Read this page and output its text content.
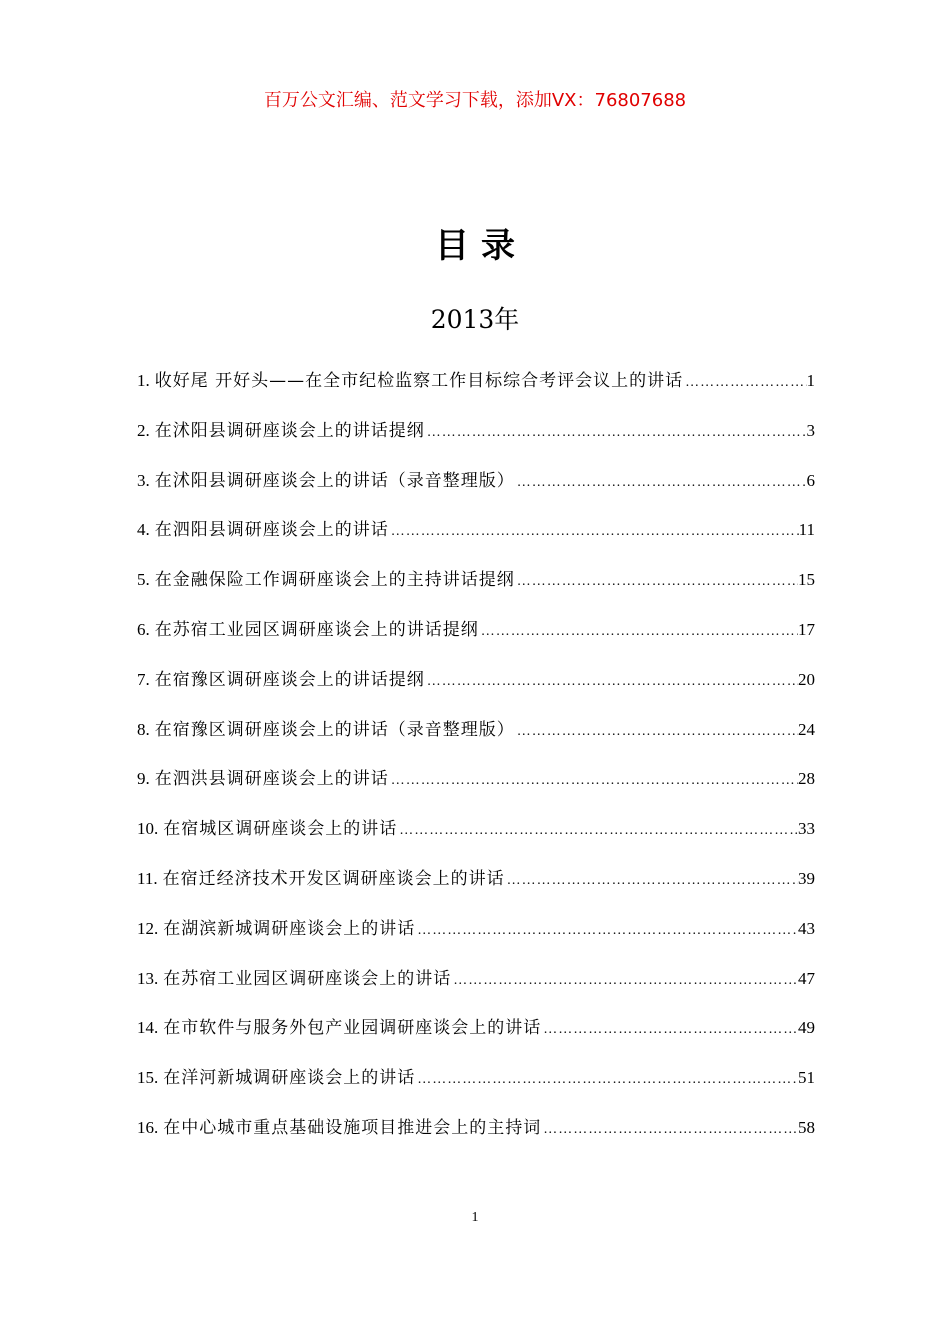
百万公文汇编、范文学习下载，添加VX：76807688
目录
2013年
1. 收好尾 开好头——在全市纪检监察工作目标综合考评会议上的讲话 ……………………………………………………………………………………………………………………………………………………	1
2. 在沭阳县调研座谈会上的讲话提纲 ……………………………………………………………………………………………………………………………………………………	3
3. 在沭阳县调研座谈会上的讲话（录音整理版） ……………………………………………………………………………………………………………………………………………………	6
4. 在泗阳县调研座谈会上的讲话 ……………………………………………………………………………………………………………………………………………………	11
5. 在金融保险工作调研座谈会上的主持讲话提纲 ……………………………………………………………………………………………………………………………………………………	15
6. 在苏宿工业园区调研座谈会上的讲话提纲 ……………………………………………………………………………………………………………………………………………………	17
7. 在宿豫区调研座谈会上的讲话提纲 ……………………………………………………………………………………………………………………………………………………	20
8. 在宿豫区调研座谈会上的讲话（录音整理版） ……………………………………………………………………………………………………………………………………………………	24
9. 在泗洪县调研座谈会上的讲话 ……………………………………………………………………………………………………………………………………………………	28
10. 在宿城区调研座谈会上的讲话 ……………………………………………………………………………………………………………………………………………………	33
11. 在宿迁经济技术开发区调研座谈会上的讲话 ……………………………………………………………………………………………………………………………………………………	39
12. 在湖滨新城调研座谈会上的讲话 ……………………………………………………………………………………………………………………………………………………	43
13. 在苏宿工业园区调研座谈会上的讲话 ……………………………………………………………………………………………………………………………………………………	47
14. 在市软件与服务外包产业园调研座谈会上的讲话 ……………………………………………………………………………………………………………………………………………………	49
15. 在洋河新城调研座谈会上的讲话 ……………………………………………………………………………………………………………………………………………………	51
16. 在中心城市重点基础设施项目推进会上的主持词 ……………………………………………………………………………………………………………………………………………………	58
1
